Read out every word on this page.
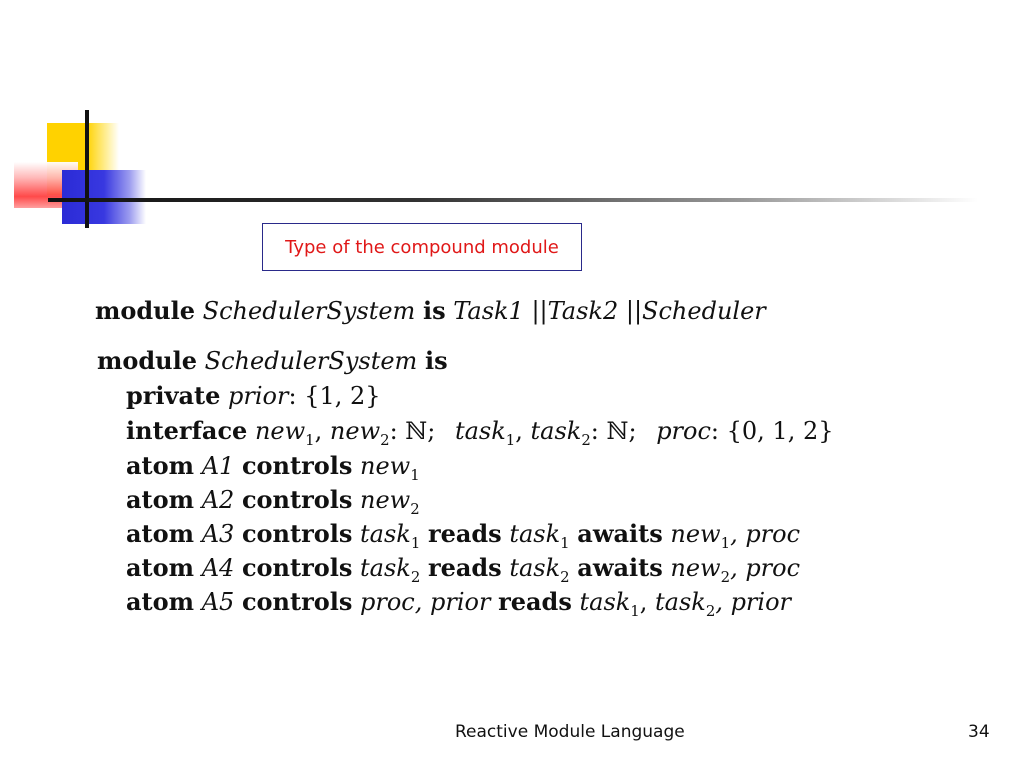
Type of the compound module
module SchedulerSystem is Task1 ||Task2 ||Scheduler
module SchedulerSystem is
private prior: {1, 2}
interface new$_1$, new$_2$: ℕ; task$_1$, task$_2$: ℕ; proc: {0, 1, 2}
atom A1 controls new$_1$
atom A2 controls new$_2$
atom A3 controls task$_1$ reads task$_1$ awaits new$_1$, proc
atom A4 controls task$_2$ reads task$_2$ awaits new$_2$, proc
atom A5 controls proc, prior reads task$_1$, task$_2$, prior
Reactive Module Language	34
